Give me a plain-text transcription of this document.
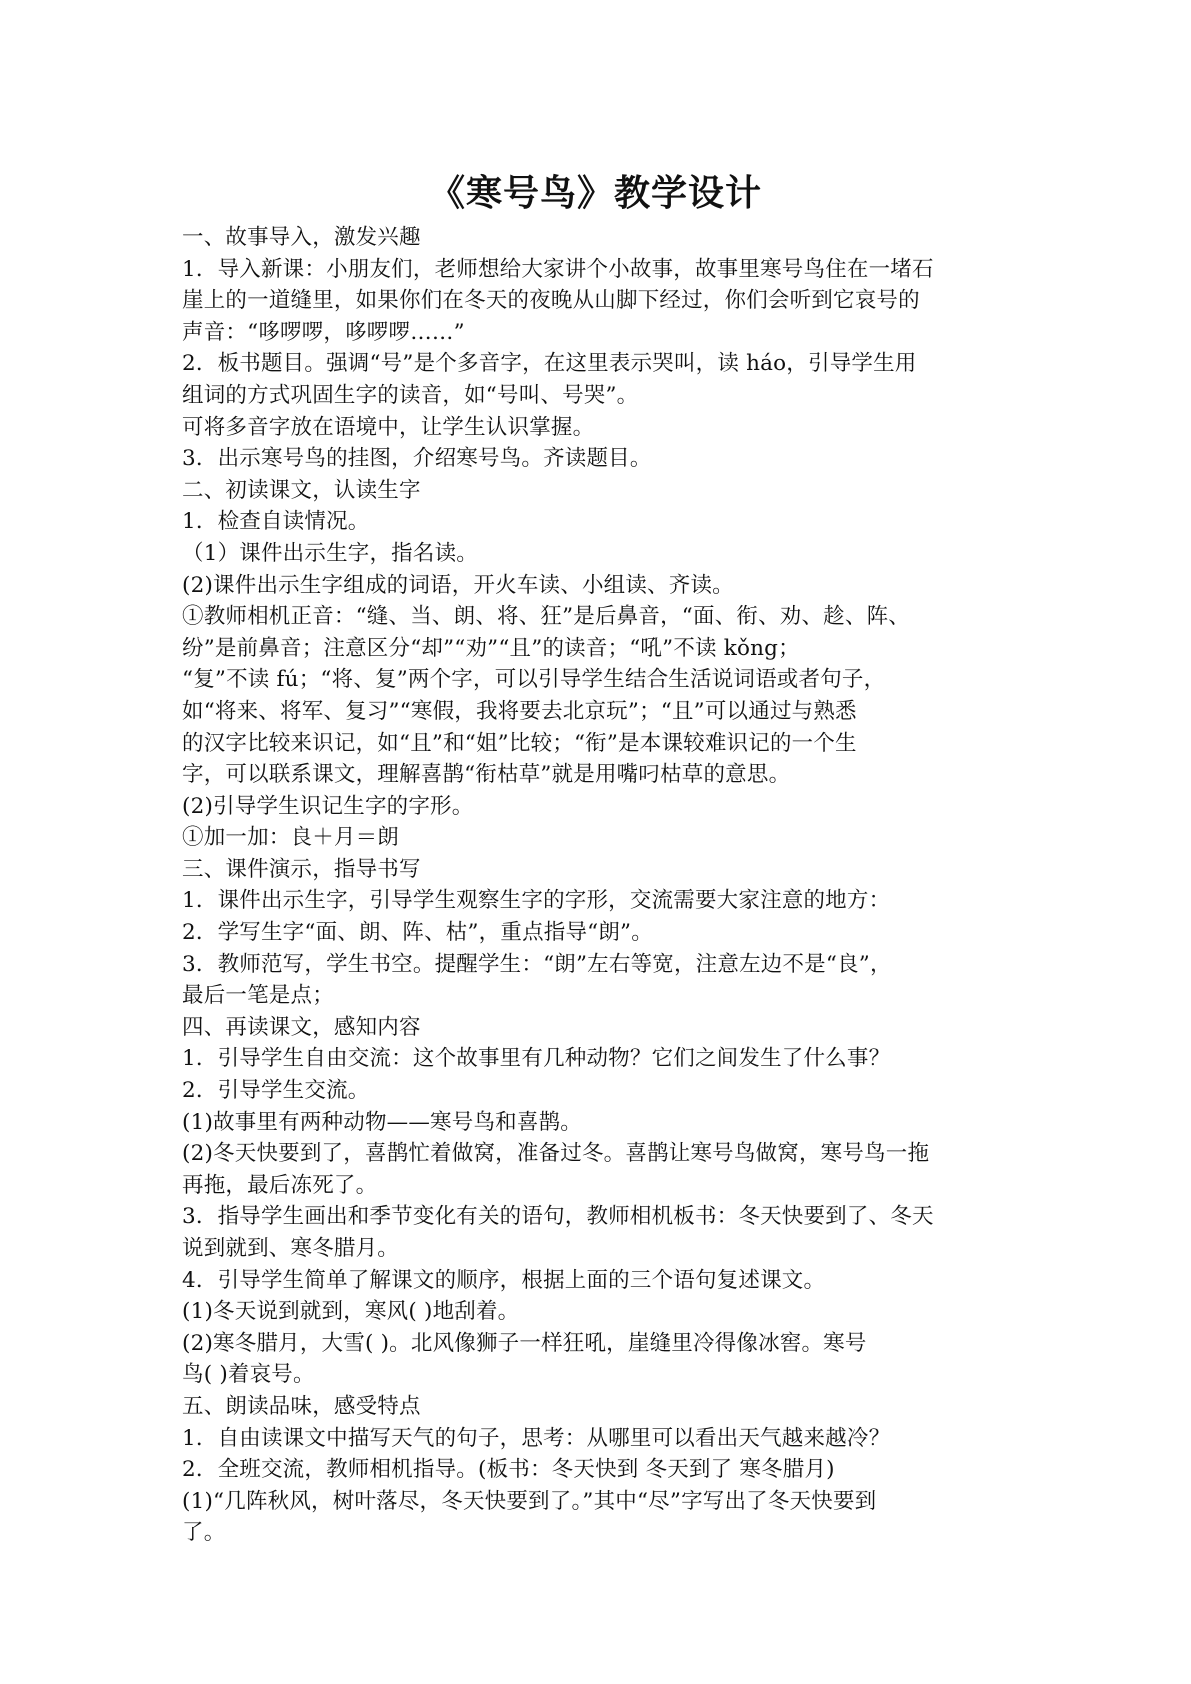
《寒号鸟》教学设计
一、故事导入，激发兴趣
1．导入新课：小朋友们，老师想给大家讲个小故事，故事里寒号鸟住在一堵石
崖上的一道缝里，如果你们在冬天的夜晚从山脚下经过，你们会听到它哀号的
声音：“哆啰啰，哆啰啰……”
2．板书题目。强调“号”是个多音字，在这里表示哭叫，读 háo，引导学生用
组词的方式巩固生字的读音，如“号叫、号哭”。
可将多音字放在语境中，让学生认识掌握。
3．出示寒号鸟的挂图，介绍寒号鸟。齐读题目。
二、初读课文，认读生字
1．检查自读情况。
（1）课件出示生字，指名读。
(2)课件出示生字组成的词语，开火车读、小组读、齐读。
①教师相机正音：“缝、当、朗、将、狂”是后鼻音，“面、衔、劝、趁、阵、
纷”是前鼻音；注意区分“却”“劝”“且”的读音；“吼”不读 kǒng；
“复”不读 fú；“将、复”两个字，可以引导学生结合生活说词语或者句子，
如“将来、将军、复习”“寒假，我将要去北京玩”；“且”可以通过与熟悉
的汉字比较来识记，如“且”和“姐”比较；“衔”是本课较难识记的一个生
字，可以联系课文，理解喜鹊“衔枯草”就是用嘴叼枯草的意思。
(2)引导学生识记生字的字形。
①加一加：良＋月＝朗
三、课件演示，指导书写
1．课件出示生字，引导学生观察生字的字形，交流需要大家注意的地方：
2．学写生字“面、朗、阵、枯”，重点指导“朗”。
3．教师范写，学生书空。提醒学生：“朗”左右等宽，注意左边不是“良”，
最后一笔是点；
四、再读课文，感知内容
1．引导学生自由交流：这个故事里有几种动物？它们之间发生了什么事？
2．引导学生交流。
(1)故事里有两种动物——寒号鸟和喜鹊。
(2)冬天快要到了，喜鹊忙着做窝，准备过冬。喜鹊让寒号鸟做窝，寒号鸟一拖
再拖，最后冻死了。
3．指导学生画出和季节变化有关的语句，教师相机板书：冬天快要到了、冬天
说到就到、寒冬腊月。
4．引导学生简单了解课文的顺序，根据上面的三个语句复述课文。
(1)冬天说到就到，寒风( )地刮着。
(2)寒冬腊月，大雪( )。北风像狮子一样狂吼，崖缝里冷得像冰窖。寒号
鸟( )着哀号。
五、朗读品味，感受特点
1．自由读课文中描写天气的句子，思考：从哪里可以看出天气越来越冷？
2．全班交流，教师相机指导。(板书：冬天快到 冬天到了 寒冬腊月)
(1)“几阵秋风，树叶落尽，冬天快要到了。”其中“尽”字写出了冬天快要到
了。
